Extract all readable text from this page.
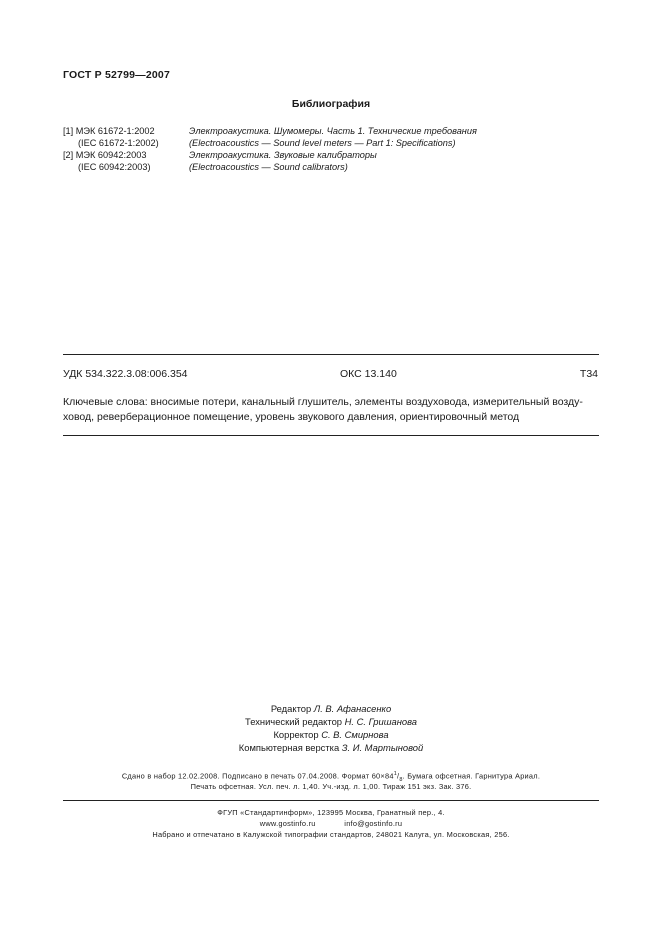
ГОСТ Р 52799—2007
Библиография
[1] МЭК 61672-1:2002	Электроакустика. Шумомеры. Часть 1. Технические требования
(IEC 61672-1:2002)	(Electroacoustics — Sound level meters — Part 1: Specifications)
[2] МЭК 60942:2003	Электроакустика. Звуковые калибраторы
(IEC 60942:2003)	(Electroacoustics — Sound calibrators)
УДК 534.322.3.08:006.354	ОКС 13.140	Т34
Ключевые слова: вносимые потери, канальный глушитель, элементы воздуховода, измерительный возду-
ховод, реверберационное помещение, уровень звукового давления, ориентировочный метод
Редактор Л. В. Афанасенко
Технический редактор Н. С. Гришанова
Корректор С. В. Смирнова
Компьютерная верстка З. И. Мартыновой
Сдано в набор 12.02.2008. Подписано в печать 07.04.2008. Формат $60\times 84^1/_8$. Бумага офсетная. Гарнитура Ариал.
Печать офсетная. Усл. печ. л. 1,40. Уч.-изд. л. 1,00. Тираж 151 экз. Зак. 376.
ФГУП «Стандартинформ», 123995 Москва, Гранатный пер., 4.
www.gostinfo.ru	info@gostinfo.ru
Набрано и отпечатано в Калужской типографии стандартов, 248021 Калуга, ул. Московская, 256.
